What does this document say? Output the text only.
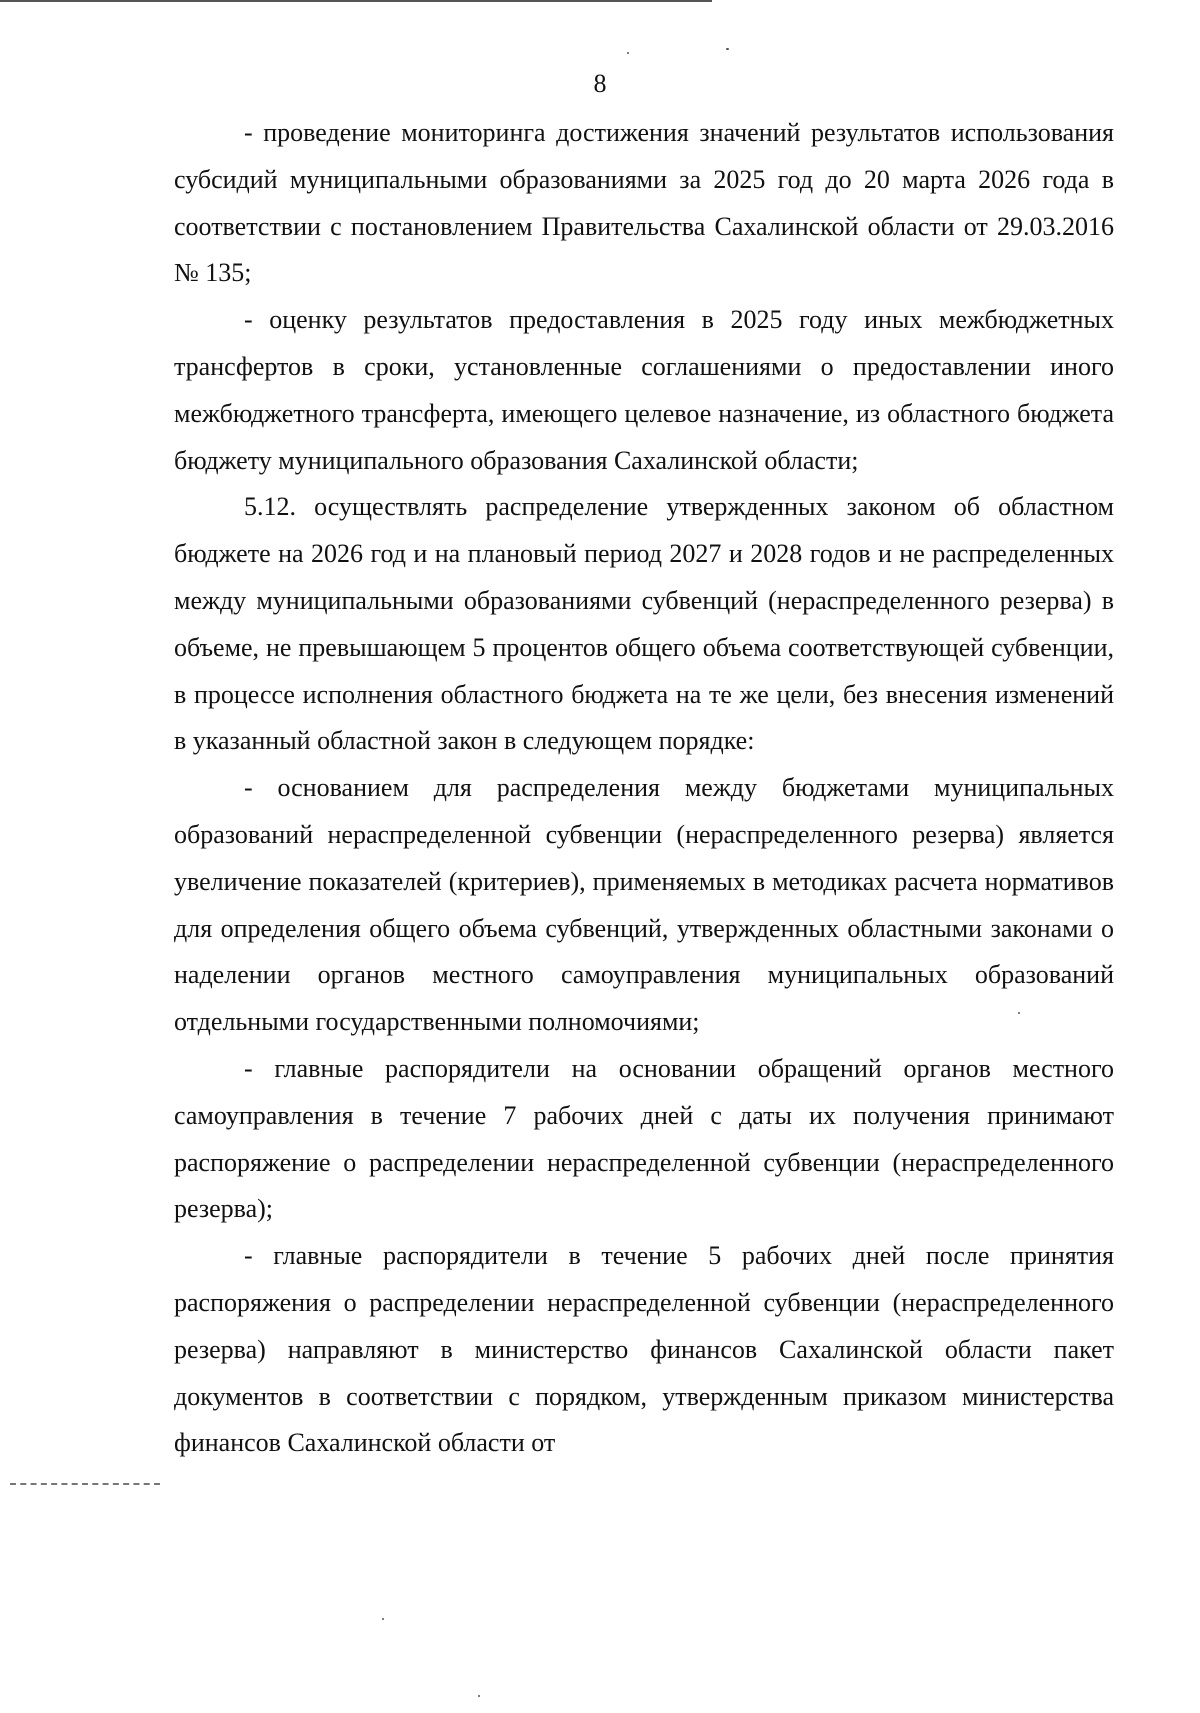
8

- проведение мониторинга достижения значений результатов использования субсидий муниципальными образованиями за 2025 год до 20 марта 2026 года в соответствии с постановлением Правительства Сахалинской области от 29.03.2016 № 135;

- оценку результатов предоставления в 2025 году иных межбюджетных трансфертов в сроки, установленные соглашениями о предоставлении иного межбюджетного трансферта, имеющего целевое назначение, из областного бюджета бюджету муниципального образования Сахалинской области;

5.12. осуществлять распределение утвержденных законом об областном бюджете на 2026 год и на плановый период 2027 и 2028 годов и не распределенных между муниципальными образованиями субвенций (нераспределенного резерва) в объеме, не превышающем 5 процентов общего объема соответствующей субвенции, в процессе исполнения областного бюджета на те же цели, без внесения изменений в указанный областной закон в следующем порядке:

- основанием для распределения между бюджетами муниципальных образований нераспределенной субвенции (нераспределенного резерва) является увеличение показателей (критериев), применяемых в методиках расчета нормативов для определения общего объема субвенций, утвержденных областными законами о наделении органов местного самоуправления муниципальных образований отдельными государственными полномочиями;

- главные распорядители на основании обращений органов местного самоуправления в течение 7 рабочих дней с даты их получения принимают распоряжение о распределении нераспределенной субвенции (нераспределенного резерва);

- главные распорядители в течение 5 рабочих дней после принятия распоряжения о распределении нераспределенной субвенции (нераспределенного резерва) направляют в министерство финансов Сахалинской области пакет документов в соответствии с порядком, утвержденным приказом министерства финансов Сахалинской области от
